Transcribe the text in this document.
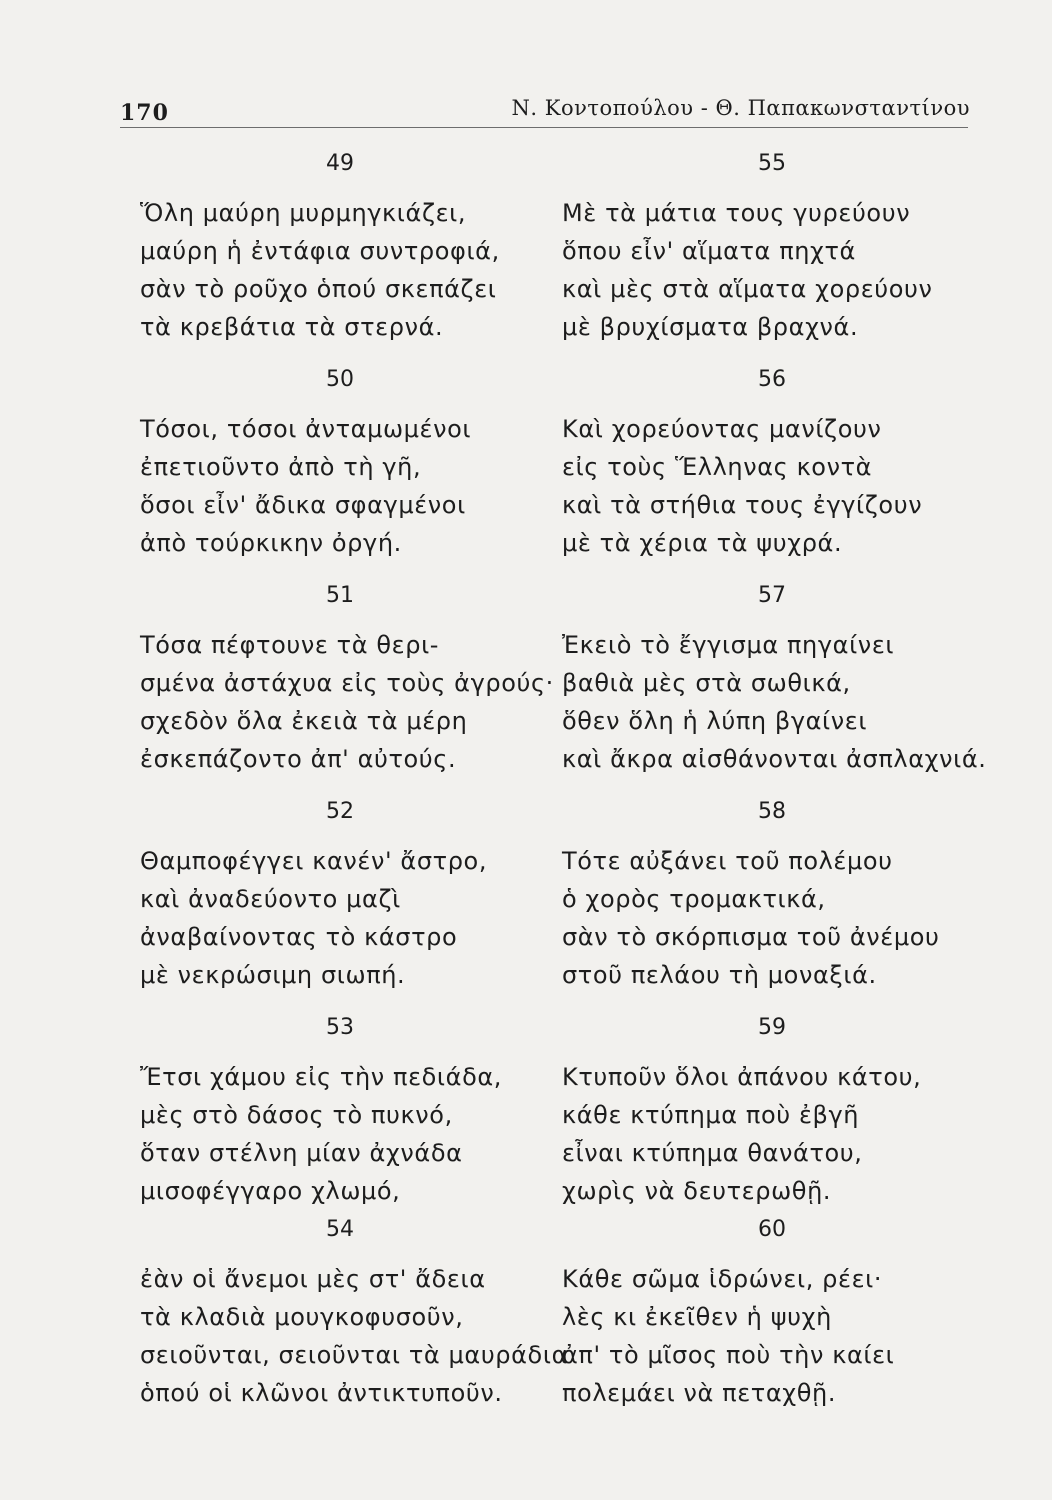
170	Ν. Κοντοπούλου - Θ. Παπακωνσταντίνου
49
Ὅλη μαύρη μυρμηγκιάζει,
μαύρη ἡ ἐντάφια συντροφιά,
σὰν τὸ ροῦχο ὁπού σκεπάζει
τὰ κρεβάτια τὰ στερνά.
50
Τόσοι, τόσοι ἀνταμωμένοι
ἐπετιοῦντο ἀπὸ τὴ γῆ,
ὅσοι εἶν' ἄδικα σφαγμένοι
ἀπὸ τούρκικην ὀργή.
51
Τόσα πέφτουνε τὰ θερι-
σμένα ἀστάχυα εἰς τοὺς ἀγρούς·
σχεδὸν ὅλα ἐκειὰ τὰ μέρη
ἐσκεπάζοντο ἀπ' αὐτούς.
52
Θαμποφέγγει κανέν' ἄστρο,
καὶ ἀναδεύοντο μαζὶ
ἀναβαίνοντας τὸ κάστρο
μὲ νεκρώσιμη σιωπή.
53
Ἔτσι χάμου εἰς τὴν πεδιάδα,
μὲς στὸ δάσος τὸ πυκνό,
ὅταν στέλνη μίαν ἀχνάδα
μισοφέγγαρο χλωμό,
54
ἐὰν οἱ ἄνεμοι μὲς στ' ἄδεια
τὰ κλαδιὰ μουγκοφυσοῦν,
σειοῦνται, σειοῦνται τὰ μαυράδια
ὁπού οἱ κλῶνοι ἀντικτυποῦν.
55
Μὲ τὰ μάτια τους γυρεύουν
ὅπου εἶν' αἵματα πηχτά
καὶ μὲς στὰ αἵματα χορεύουν
μὲ βρυχίσματα βραχνά.
56
Καὶ χορεύοντας μανίζουν
εἰς τοὺς Ἕλληνας κοντὰ
καὶ τὰ στήθια τους ἐγγίζουν
μὲ τὰ χέρια τὰ ψυχρά.
57
Ἐκειὸ τὸ ἔγγισμα πηγαίνει
βαθιὰ μὲς στὰ σωθικά,
ὅθεν ὅλη ἡ λύπη βγαίνει
καὶ ἄκρα αἰσθάνονται ἀσπλαχνιά.
58
Τότε αὐξάνει τοῦ πολέμου
ὁ χορὸς τρομακτικά,
σὰν τὸ σκόρπισμα τοῦ ἀνέμου
στοῦ πελάου τὴ μοναξιά.
59
Κτυποῦν ὅλοι ἀπάνου κάτου,
κάθε κτύπημα ποὺ ἐβγῆ
εἶναι κτύπημα θανάτου,
χωρὶς νὰ δευτερωθῇ.
60
Κάθε σῶμα ἱδρώνει, ρέει·
λὲς κι ἐκεῖθεν ἡ ψυχὴ
ἀπ' τὸ μῖσος ποὺ τὴν καίει
πολεμάει νὰ πεταχθῇ.
